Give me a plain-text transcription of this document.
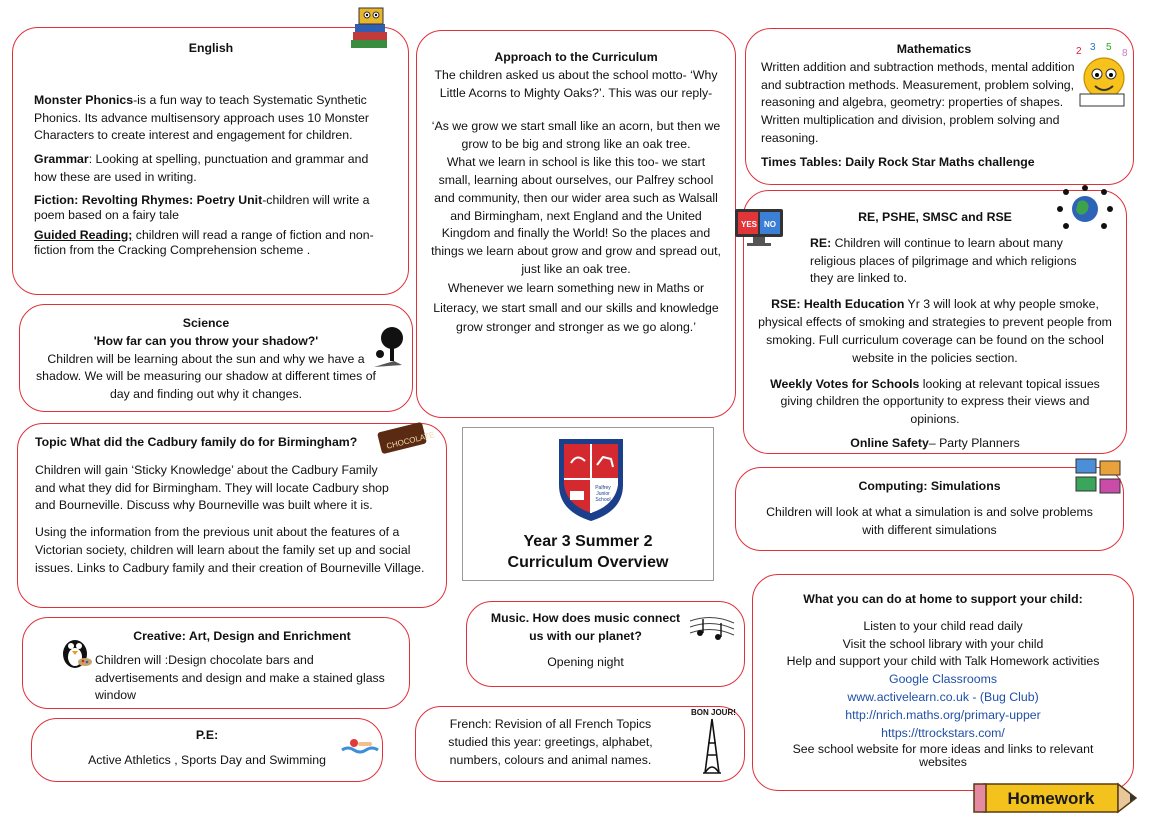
English

Monster Phonics-is a fun way to teach Systematic Synthetic Phonics. Its advance multisensory approach uses 10 Monster Characters to create interest and engagement for children.

Grammar: Looking at spelling, punctuation and grammar and how these are used in writing.

Fiction: Revolting Rhymes: Poetry Unit-children will write a poem based on a fairy tale

Guided Reading; children will read a range of fiction and non-fiction from the Cracking Comprehension scheme .

Science

'How far can you throw your shadow?'

Children will be learning about the sun and why we have a shadow. We will be measuring our shadow at different times of day and finding out why it changes.

Topic What did the Cadbury family do for Birmingham?

Children will gain ‘Sticky Knowledge’ about the Cadbury Family and what they did for Birmingham. They will locate Cadbury shop and Bourneville. Discuss why Bourneville was built where it is.

Using the information from the previous unit about the features of a Victorian society, children will learn about the family set up and social issues. Links to Cadbury family and their creation of Bourneville Village.

CHOCOLATE

Creative: Art, Design and Enrichment

Children will :Design chocolate bars and advertisements and design and make a stained glass window

P.E:

Active Athletics , Sports Day and Swimming

Approach to the Curriculum

The children asked us about the school motto- ‘Why Little Acorns to Mighty Oaks?’. This was our reply-

‘As we grow we start small like an acorn, but then we grow to be big and strong like an oak tree.

What we learn in school is like this too- we start small, learning about ourselves, our Palfrey school and community, then our wider area such as Walsall and Birmingham, next England and the United Kingdom and finally the World! So the places and things we learn about grow and grow and spread out, just like an oak tree.

Whenever we learn something new in Maths or Literacy, we start small and our skills and knowledge grow stronger and stronger as we go along.’

Palfrey
Junior
School
Year 3 Summer 2
Curriculum Overview

Music. How does music connect us with our planet?

Opening night

French: Revision of all French Topics studied this year: greetings, alphabet, numbers, colours and animal names.

BON JOUR!

Mathematics

Written addition and subtraction methods, mental addition and subtraction methods. Measurement, problem solving, reasoning and algebra, geometry: properties of shapes. Written multiplication and division, problem solving and reasoning.

Times Tables: Daily Rock Star Maths challenge

2 3 5
8

RE, PSHE, SMSC and RSE

RE: Children will continue to learn about many religious places of pilgrimage and which religions they are linked to.

RSE: Health Education Yr 3 will look at why people smoke, physical effects of smoking and strategies to prevent people from smoking. Full curriculum coverage can be found on the school website in the policies section.

Weekly Votes for Schools looking at relevant topical issues giving children the opportunity to express their views and opinions.

Online Safety– Party Planners

YES NO

Computing: Simulations

Children will look at what a simulation is and solve problems with different simulations

What you can do at home to support your child:

Listen to your child read daily

Visit the school library with your child

Help and support your child with Talk Homework activities

Google Classrooms

www.activelearn.co.uk - (Bug Club)

http://nrich.maths.org/primary-upper

https://ttrockstars.com/

See school website for more ideas and links to relevant websites

Homework
